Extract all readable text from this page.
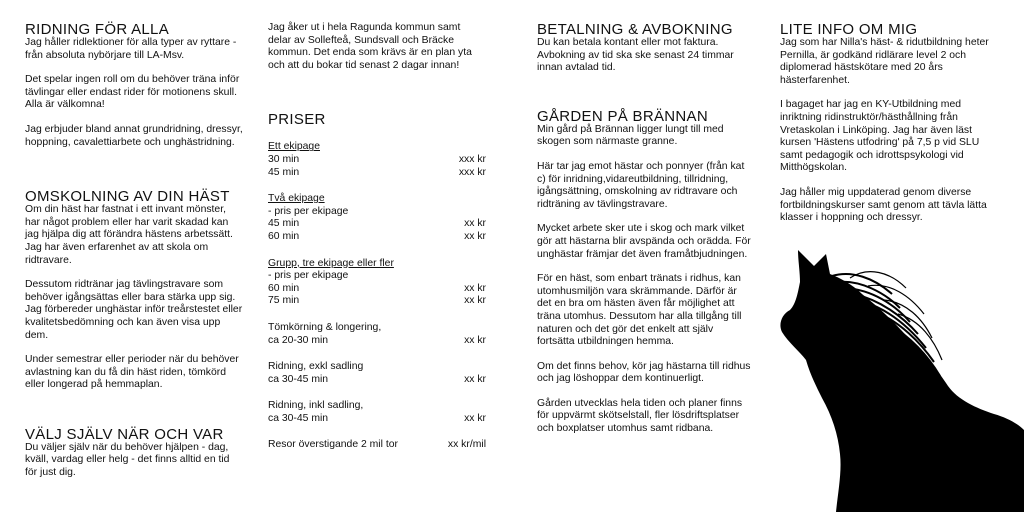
RIDNING FÖR ALLA

Jag håller ridlektioner för alla typer av ryttare - från absoluta nybörjare till LA-Msv.

Det spelar ingen roll om du behöver träna inför tävlingar eller endast rider för motionens skull. Alla är välkomna!

Jag erbjuder bland annat grundridning, dressyr, hoppning, cavalettiarbete och unghästridning.

OMSKOLNING AV DIN HÄST

Om din häst har fastnat i ett invant mönster, har något problem eller har varit skadad kan jag hjälpa dig att förändra hästens arbetssätt. Jag har även erfarenhet av att skola om ridtravare.

Dessutom ridtränar jag tävlingstravare som behöver igångsättas eller bara stärka upp sig. Jag förbereder unghästar inför treårstestet eller kvalitetsbedömning och kan även visa upp dem.

Under semestrar eller perioder när du behöver avlastning kan du få din häst riden, tömkörd eller longerad på hemmaplan.

VÄLJ SJÄLV NÄR OCH VAR

Du väljer själv när du behöver hjälpen - dag, kväll, vardag eller helg - det finns alltid en tid för just dig.

Jag åker ut i hela Ragunda kommun samt delar av Sollefteå, Sundsvall och Bräcke kommun. Det enda som krävs är en plan yta och att du bokar tid senast 2 dagar innan!

PRISER
Ett ekipage
30 min	xxx kr
45 min	xxx kr
Två ekipage
- pris per ekipage
45 min	xx kr
60 min	xx kr
Grupp, tre ekipage eller fler
- pris per ekipage
60 min	xx kr
75 min	xx kr
Tömkörning & longering,
ca 20-30 min	xx kr
Ridning, exkl sadling
ca 30-45 min	xx kr
Ridning, inkl sadling,
ca 30-45 min	xx kr
Resor överstigande 2 mil tor	xx kr/mil
BETALNING & AVBOKNING

Du kan betala kontant eller mot faktura. Avbokning av tid ska ske senast 24 timmar innan avtalad tid.

GÅRDEN PÅ BRÄNNAN

Min gård på Brännan ligger lungt till med skogen som närmaste granne.

Här tar jag emot hästar och ponnyer (från kat c) för inridning,vidareutbildning, tillridning, igångsättning, omskolning av ridtravare och ridträning av tävlingstravare.

Mycket arbete sker ute i skog och mark vilket gör att hästarna blir avspända och orädda. För unghästar främjar det även framåtbjudningen.

För en häst, som enbart tränats i ridhus, kan utomhusmiljön vara skrämmande. Därför är det en bra om hästen även får möjlighet att träna utomhus. Dessutom har alla tillgång till naturen och det gör det enkelt att själv fortsätta utbildningen hemma.

Om det finns behov, kör jag hästarna till ridhus och jag löshoppar dem kontinuerligt.

Gården utvecklas hela tiden och planer finns för uppvärmt skötselstall, fler lösdriftsplatser och boxplatser utomhus samt ridbana.

LITE INFO OM MIG

Jag som har Nilla's häst- & ridutbildning heter Pernilla, är godkänd ridlärare level 2 och diplomerad hästskötare med 20 års hästerfarenhet.

I bagaget har jag en KY-Utbildning med inriktning ridinstruktör/hästhållning från Vretaskolan i Linköping. Jag har även läst kursen 'Hästens utfodring' på 7,5 p vid SLU samt pedagogik och idrottspsykologi vid Mitthögskolan.

Jag håller mig uppdaterad genom diverse fortbildningskurser samt genom att tävla lätta klasser i hoppning och dressyr.
